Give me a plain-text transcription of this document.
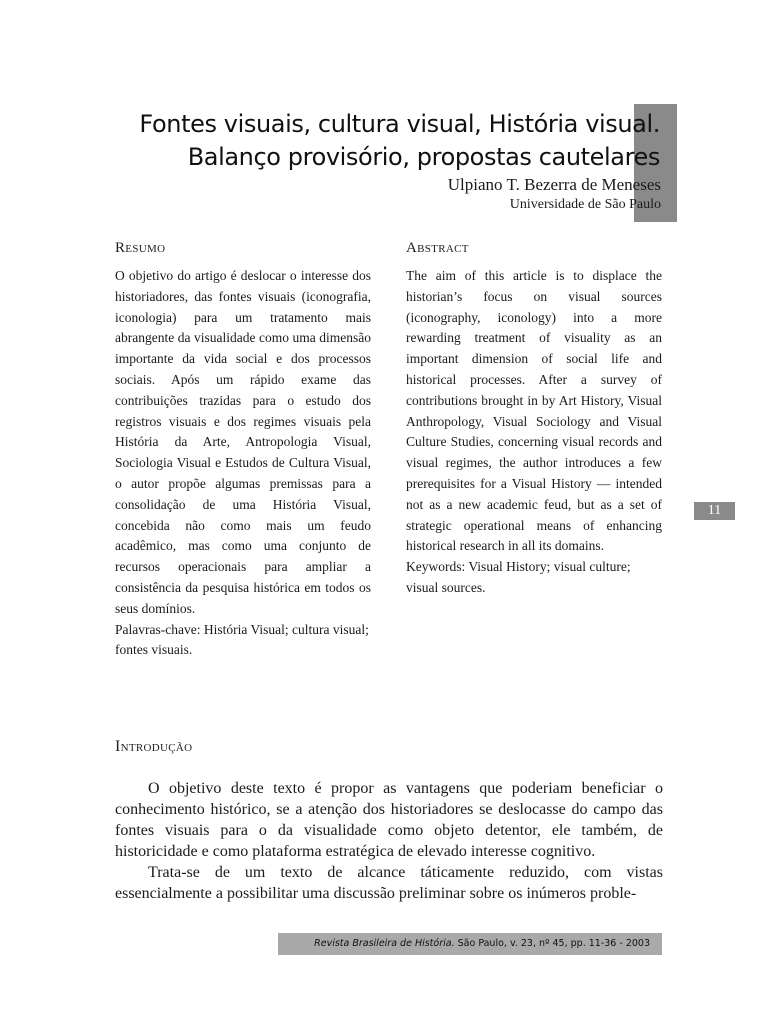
Fontes visuais, cultura visual, História visual.
Balanço provisório, propostas cautelares
Ulpiano T. Bezerra de Meneses
Universidade de São Paulo
Resumo

O objetivo do artigo é deslocar o interesse dos historiadores, das fontes visuais (iconografia, iconologia) para um tratamento mais abrangente da visualidade como uma dimensão importante da vida social e dos processos sociais. Após um rápido exame das contribuições trazidas para o estudo dos registros visuais e dos regimes visuais pela História da Arte, Antropologia Visual, Sociologia Visual e Estudos de Cultura Visual, o autor propõe algumas premissas para a consolidação de uma História Visual, concebida não como mais um feudo acadêmico, mas como uma conjunto de recursos operacionais para ampliar a consistência da pesquisa histórica em todos os seus domínios.

Palavras-chave: História Visual; cultura visual; fontes visuais.

Abstract

The aim of this article is to displace the historian’s focus on visual sources (iconography, iconology) into a more rewarding treatment of visuality as an important dimension of social life and historical processes. After a survey of contributions brought in by Art History, Visual Anthropology, Visual Sociology and Visual Culture Studies, concerning visual records and visual regimes, the author introduces a few prerequisites for a Visual History — intended not as a new academic feud, but as a set of strategic operational means of enhancing historical research in all its domains.

Keywords: Visual History; visual culture; visual sources.

11
Introdução

O objetivo deste texto é propor as vantagens que poderiam beneficiar o conhecimento histórico, se a atenção dos historiadores se deslocasse do campo das fontes visuais para o da visualidade como objeto detentor, ele também, de historicidade e como plataforma estratégica de elevado interesse cognitivo.

Trata-se de um texto de alcance táticamente reduzido, com vistas essencialmente a possibilitar uma discussão preliminar sobre os inúmeros proble-

Revista Brasileira de História. São Paulo, v. 23, nº 45, pp. 11-36 - 2003
